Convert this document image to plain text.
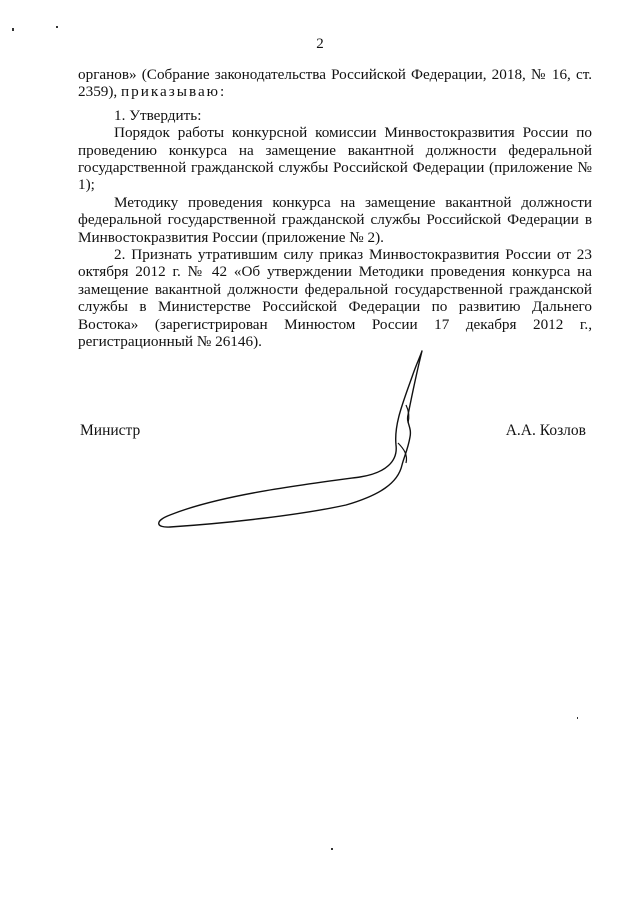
2

органов» (Собрание законодательства Российской Федерации, 2018, № 16, ст. 2359), приказываю:

1. Утвердить:

Порядок работы конкурсной комиссии Минвостокразвития России по проведению конкурса на замещение вакантной должности федеральной государственной гражданской службы Российской Федерации (приложение № 1);

Методику проведения конкурса на замещение вакантной должности федеральной государственной гражданской службы Российской Федерации в Минвостокразвития России (приложение № 2).

2. Признать утратившим силу приказ Минвостокразвития России от 23 октября 2012 г. № 42 «Об утверждении Методики проведения конкурса на замещение вакантной должности федеральной государственной гражданской службы в Министерстве Российской Федерации по развитию Дальнего Востока» (зарегистрирован Минюстом России 17 декабря 2012 г., регистрационный № 26146).

Министр	А.А. Козлов
